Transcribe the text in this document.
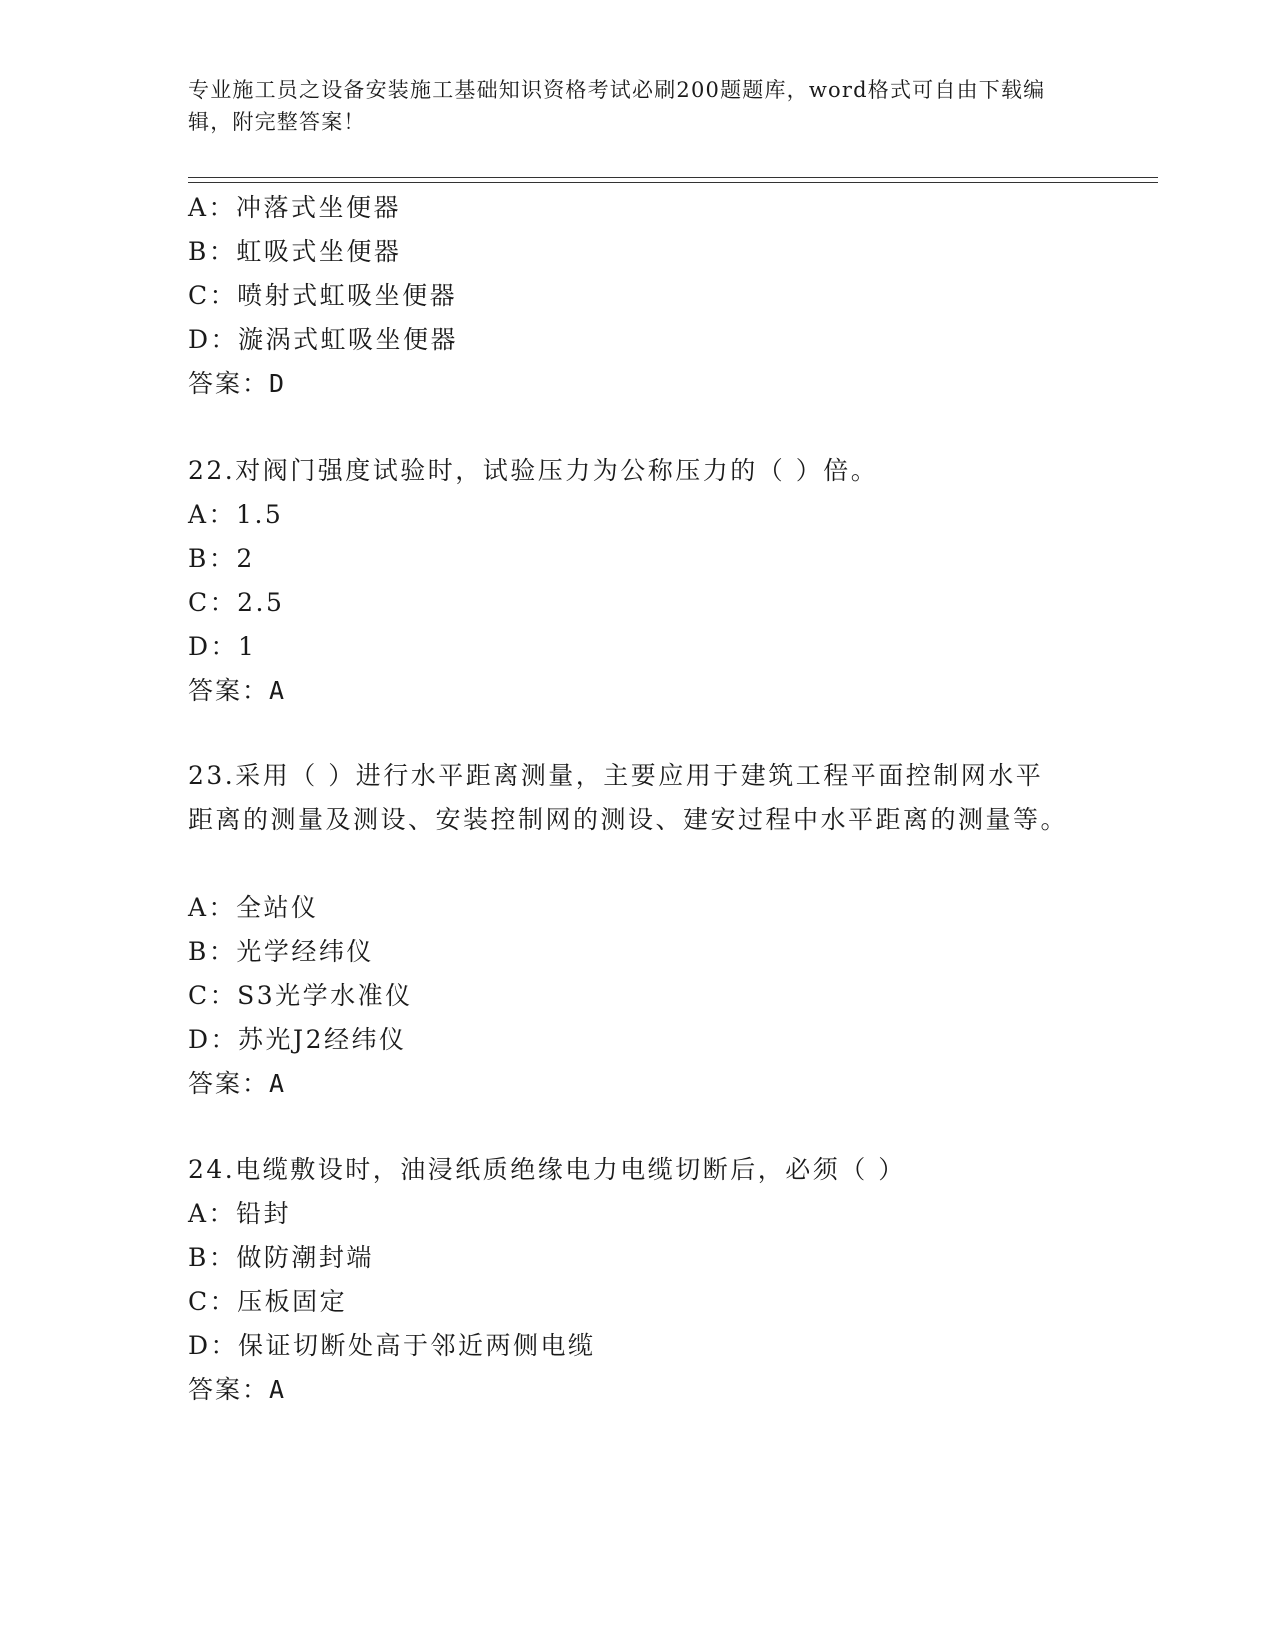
专业施工员之设备安装施工基础知识资格考试必刷200题题库，word格式可自由下载编辑，附完整答案！
A：冲落式坐便器
B：虹吸式坐便器
C：喷射式虹吸坐便器
D：漩涡式虹吸坐便器
答案：D
22.对阀门强度试验时，试验压力为公称压力的（ ）倍。
A：1.5
B：2
C：2.5
D：1
答案：A
23.采用（ ）进行水平距离测量，主要应用于建筑工程平面控制网水平距离的测量及测设、安装控制网的测设、建安过程中水平距离的测量等。
A：全站仪
B：光学经纬仪
C：S3光学水准仪
D：苏光J2经纬仪
答案：A
24.电缆敷设时，油浸纸质绝缘电力电缆切断后，必须（ ）
A：铅封
B：做防潮封端
C：压板固定
D：保证切断处高于邻近两侧电缆
答案：A
